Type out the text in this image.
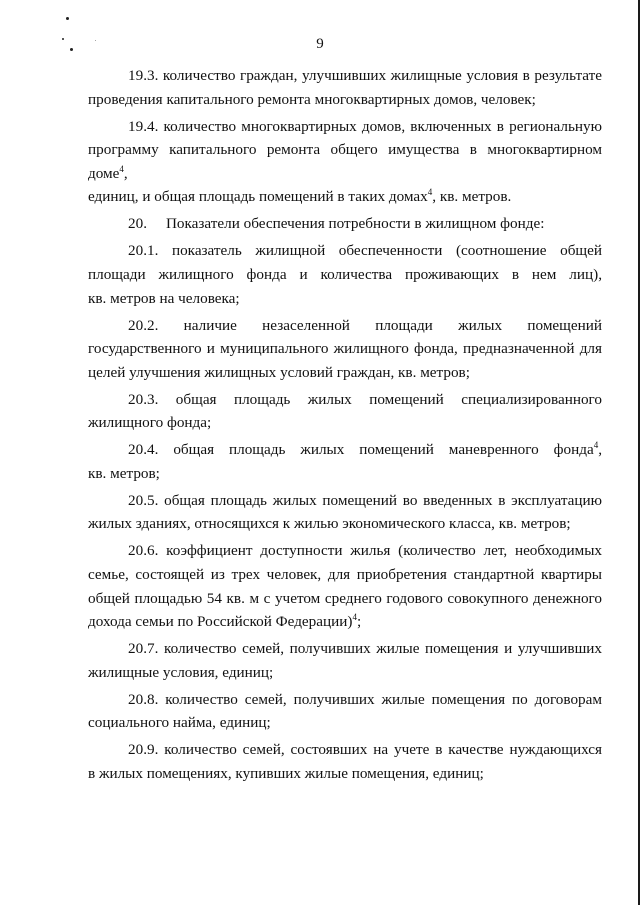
9

19.3. количество граждан, улучшивших жилищные условия в результате
проведения капитального ремонта многоквартирных домов, человек;

19.4. количество многоквартирных домов, включенных в региональную
программу капитального ремонта общего имущества в многоквартирном доме$^4$,
единиц, и общая площадь помещений в таких домах$^4$, кв. метров.

20.     Показатели обеспечения потребности в жилищном фонде:

20.1. показатель жилищной обеспеченности (соотношение общей
площади жилищного фонда и количества проживающих в нем лиц),
кв. метров на человека;

20.2. наличие незаселенной площади жилых помещений
государственного и муниципального жилищного фонда, предназначенной для
целей улучшения жилищных условий граждан, кв. метров;

20.3. общая площадь жилых помещений специализированного
жилищного фонда;

20.4. общая площадь жилых помещений маневренного фонда$^4$,
кв. метров;

20.5. общая площадь жилых помещений во введенных в эксплуатацию
жилых зданиях, относящихся к жилью экономического класса, кв. метров;

20.6. коэффициент доступности жилья (количество лет, необходимых
семье, состоящей из трех человек, для приобретения стандартной квартиры
общей площадью 54 кв. м с учетом среднего годового совокупного денежного
дохода семьи по Российской Федерации)$^4$;

20.7. количество семей, получивших жилые помещения и улучшивших
жилищные условия, единиц;

20.8. количество семей, получивших жилые помещения по договорам
социального найма, единиц;

20.9. количество семей, состоявших на учете в качестве нуждающихся
в жилых помещениях, купивших жилые помещения, единиц;
